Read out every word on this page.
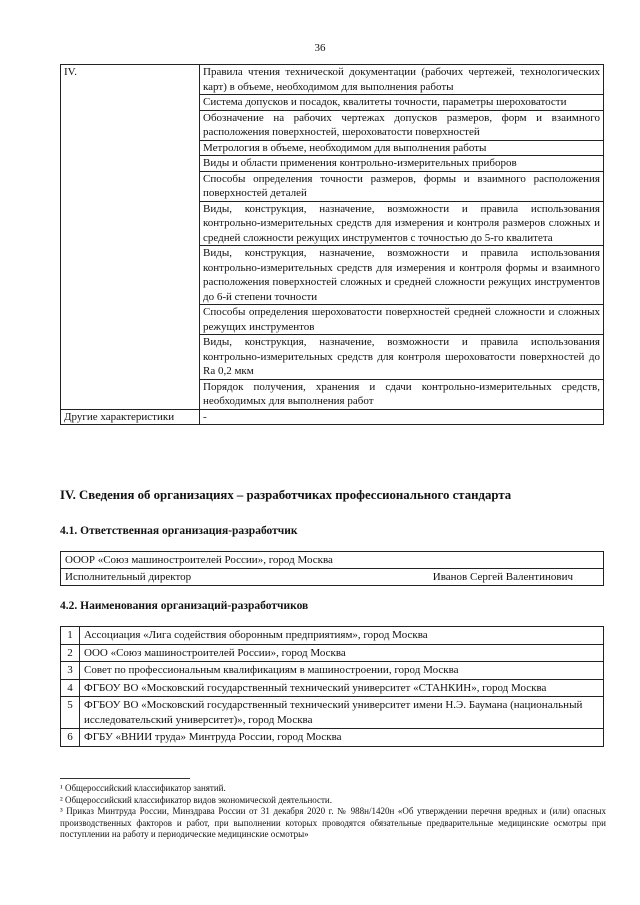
36
IV.	Правила чтения технической документации (рабочих чертежей, технологических карт) в объеме, необходимом для выполнения работы
	Система допусков и посадок, квалитеты точности, параметры шероховатости
	Обозначение на рабочих чертежах допусков размеров, форм и взаимного расположения поверхностей, шероховатости поверхностей
	Метрология в объеме, необходимом для выполнения работы
	Виды и области применения контрольно-измерительных приборов
	Способы определения точности размеров, формы и взаимного расположения поверхностей деталей
	Виды, конструкция, назначение, возможности и правила использования контрольно-измерительных средств для измерения и контроля размеров сложных и средней сложности режущих инструментов с точностью до 5-го квалитета
	Виды, конструкция, назначение, возможности и правила использования контрольно-измерительных средств для измерения и контроля формы и взаимного расположения поверхностей сложных и средней сложности режущих инструментов до 6-й степени точности
	Способы определения шероховатости поверхностей средней сложности и сложных режущих инструментов
	Виды, конструкция, назначение, возможности и правила использования контрольно-измерительных средств для контроля шероховатости поверхностей до Ra 0,2 мкм
	Порядок получения, хранения и сдачи контрольно-измерительных средств, необходимых для выполнения работ
Другие характеристики	-
IV. Сведения об организациях – разработчиках профессионального стандарта
4.1. Ответственная организация-разработчик
ОООР «Союз машиностроителей России», город Москва
Исполнительный директор	Иванов Сергей Валентинович
4.2. Наименования организаций-разработчиков
1	Ассоциация «Лига содействия оборонным предприятиям», город Москва
2	ООО «Союз машиностроителей России», город Москва
3	Совет по профессиональным квалификациям в машиностроении, город Москва
4	ФГБОУ ВО «Московский государственный технический университет «СТАНКИН», город Москва
5	ФГБОУ ВО «Московский государственный технический университет имени Н.Э. Баумана (национальный исследовательский университет)», город Москва
6	ФГБУ «ВНИИ труда» Минтруда России, город Москва

¹ Общероссийский классификатор занятий.

² Общероссийский классификатор видов экономической деятельности.

³ Приказ Минтруда России, Минздрава России от 31 декабря 2020 г. № 988н/1420н «Об утверждении перечня вредных и (или) опасных производственных факторов и работ, при выполнении которых проводятся обязательные предварительные медицинские осмотры при поступлении на работу и периодические медицинские осмотры»
